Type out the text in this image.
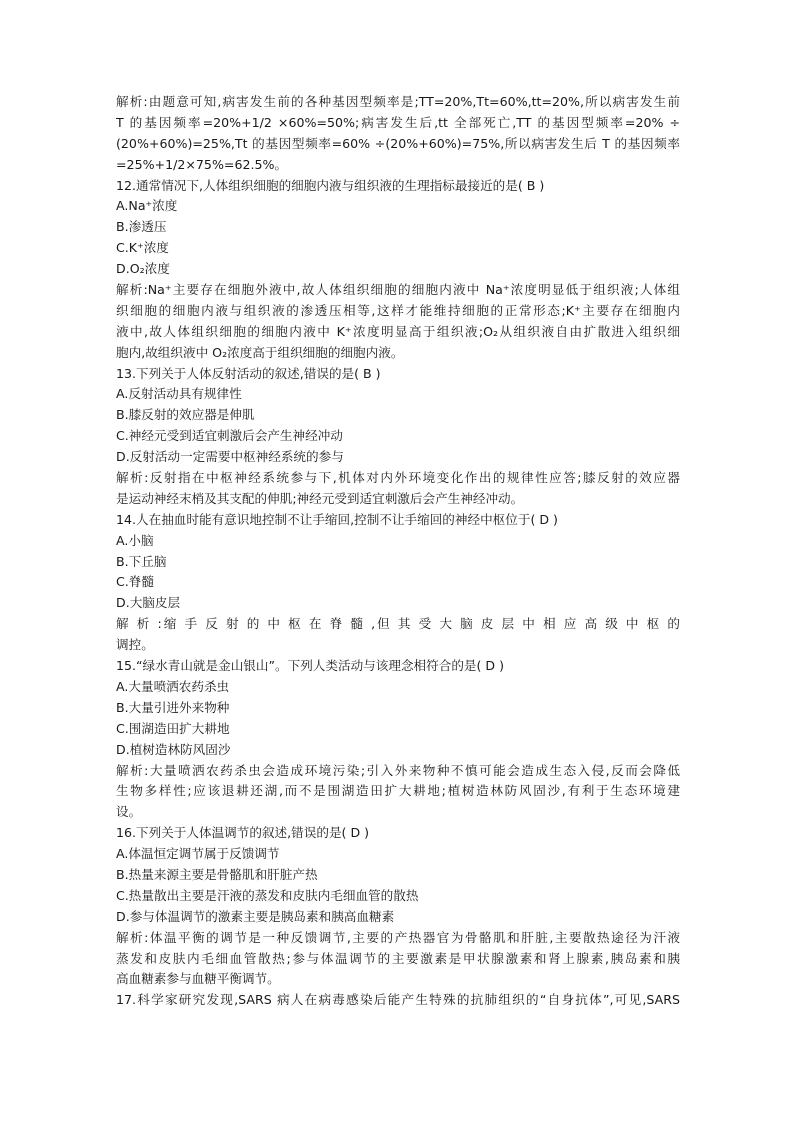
解析:由题意可知,病害发生前的各种基因型频率是;TT=20%,Tt=60%,tt=20%,所以病害发生前
T 的基因频率=20%+1/2 ×60%=50%;病害发生后,tt 全部死亡,TT 的基因型频率=20% ÷
(20%+60%)=25%,Tt 的基因型频率=60% ÷(20%+60%)=75%,所以病害发生后 T 的基因频率
=25%+1/2×75%=62.5%。
12.通常情况下,人体组织细胞的细胞内液与组织液的生理指标最接近的是( B )
A.Na⁺浓度
B.渗透压
C.K⁺浓度
D.O₂浓度
解析:Na⁺主要存在细胞外液中,故人体组织细胞的细胞内液中 Na⁺浓度明显低于组织液;人体组
织细胞的细胞内液与组织液的渗透压相等,这样才能维持细胞的正常形态;K⁺主要存在细胞内
液中,故人体组织细胞的细胞内液中 K⁺浓度明显高于组织液;O₂从组织液自由扩散进入组织细
胞内,故组织液中 O₂浓度高于组织细胞的细胞内液。
13.下列关于人体反射活动的叙述,错误的是( B )
A.反射活动具有规律性
B.膝反射的效应器是伸肌
C.神经元受到适宜刺激后会产生神经冲动
D.反射活动一定需要中枢神经系统的参与
解析:反射指在中枢神经系统参与下,机体对内外环境变化作出的规律性应答;膝反射的效应器
是运动神经末梢及其支配的伸肌;神经元受到适宜刺激后会产生神经冲动。
14.人在抽血时能有意识地控制不让手缩回,控制不让手缩回的神经中枢位于( D )
A.小脑
B.下丘脑
C.脊髓
D.大脑皮层
解 析 :缩 手 反 射 的 中 枢 在 脊 髓 ,但 其 受 大 脑 皮 层 中 相 应 高 级 中 枢 的
调控。
15.“绿水青山就是金山银山”。下列人类活动与该理念相符合的是( D )
A.大量喷洒农药杀虫
B.大量引进外来物种
C.围湖造田扩大耕地
D.植树造林防风固沙
解析:大量喷洒农药杀虫会造成环境污染;引入外来物种不慎可能会造成生态入侵,反而会降低
生物多样性;应该退耕还湖,而不是围湖造田扩大耕地;植树造林防风固沙,有利于生态环境建
设。
16.下列关于人体温调节的叙述,错误的是( D )
A.体温恒定调节属于反馈调节
B.热量来源主要是骨骼肌和肝脏产热
C.热量散出主要是汗液的蒸发和皮肤内毛细血管的散热
D.参与体温调节的激素主要是胰岛素和胰高血糖素
解析:体温平衡的调节是一种反馈调节,主要的产热器官为骨骼肌和肝脏,主要散热途径为汗液
蒸发和皮肤内毛细血管散热;参与体温调节的主要激素是甲状腺激素和肾上腺素,胰岛素和胰
高血糖素参与血糖平衡调节。
17.科学家研究发现,SARS 病人在病毒感染后能产生特殊的抗肺组织的“自身抗体”,可见,SARS
